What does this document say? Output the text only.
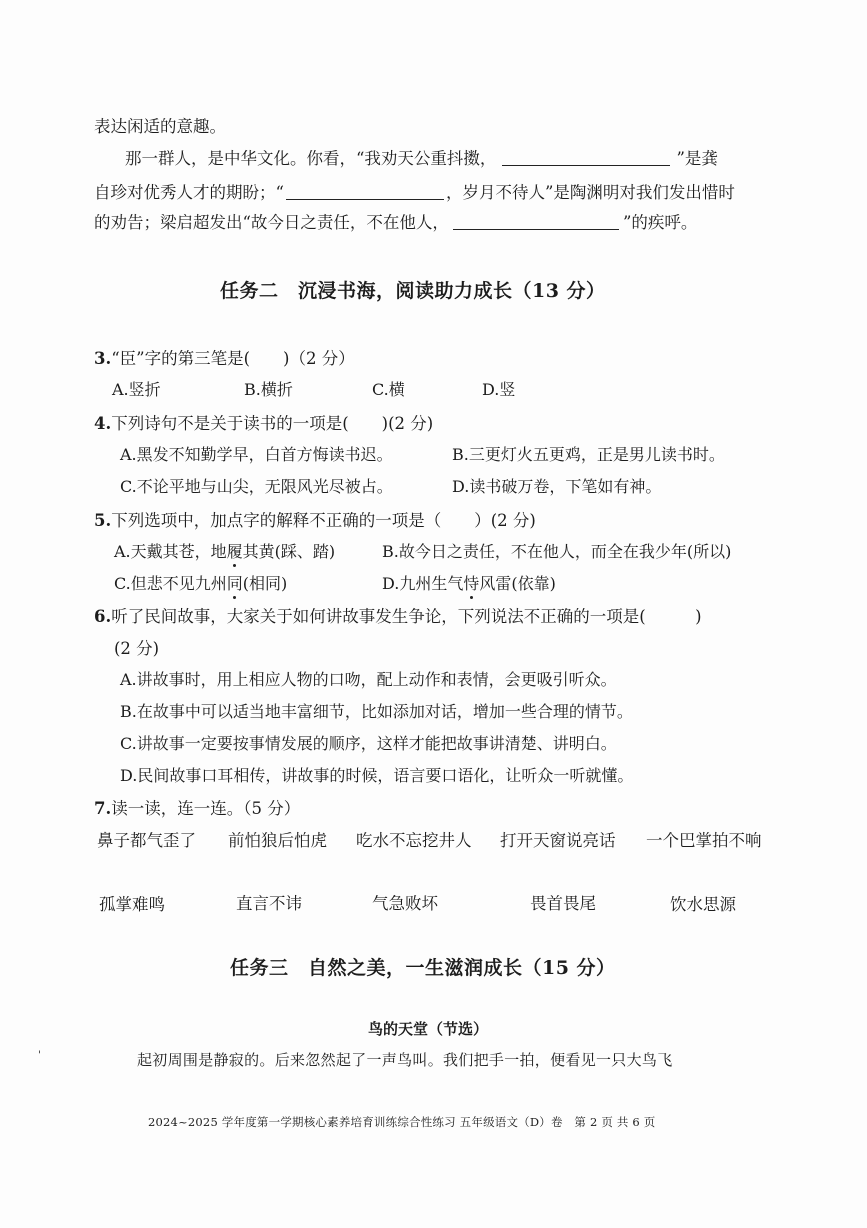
表达闲适的意趣。
那一群人，是中华文化。你看，“我劝天公重抖擞，	”是龚
自珍对优秀人才的期盼；“	，岁月不待人”是陶渊明对我们发出惜时
的劝告；梁启超发出“故今日之责任，不在他人，	”的疾呼。
任务二　沉浸书海，阅读助力成长（13 分）
3.“臣”字的第三笔是(　　)（2 分）
A.竖折	B.横折	C.横	D.竖
4.下列诗句不是关于读书的一项是(　　)(2 分)
A.黑发不知勤学早，白首方悔读书迟。	B.三更灯火五更鸡，正是男儿读书时。
C.不论平地与山尖，无限风光尽被占。	D.读书破万卷，下笔如有神。
5.下列选项中，加点字的解释不正确的一项是（　　）(2 分)
A.天戴其苍，地履其黄(踩、踏)	B.故今日之责任，不在他人，而全在我少年(所以)
C.但悲不见九州同(相同)	D.九州生气恃风雷(依靠)
6.听了民间故事，大家关于如何讲故事发生争论，下列说法不正确的一项是(　　　)
(2 分)
A.讲故事时，用上相应人物的口吻，配上动作和表情，会更吸引听众。
B.在故事中可以适当地丰富细节，比如添加对话，增加一些合理的情节。
C.讲故事一定要按事情发展的顺序，这样才能把故事讲清楚、讲明白。
D.民间故事口耳相传，讲故事的时候，语言要口语化，让听众一听就懂。
7.读一读，连一连。（5 分）
鼻子都气歪了 前怕狼后怕虎 吃水不忘挖井人 打开天窗说亮话 一个巴掌拍不响
孤掌难鸣	直言不讳	气急败坏	畏首畏尾	饮水思源
任务三　自然之美，一生滋润成长（15 分）
鸟的天堂（节选）
'	起初周围是静寂的。后来忽然起了一声鸟叫。我们把手一拍，便看见一只大鸟飞
2024~2025 学年度第一学期核心素养培育训练综合性练习 五年级语文（D）卷　第 2 页 共 6 页
